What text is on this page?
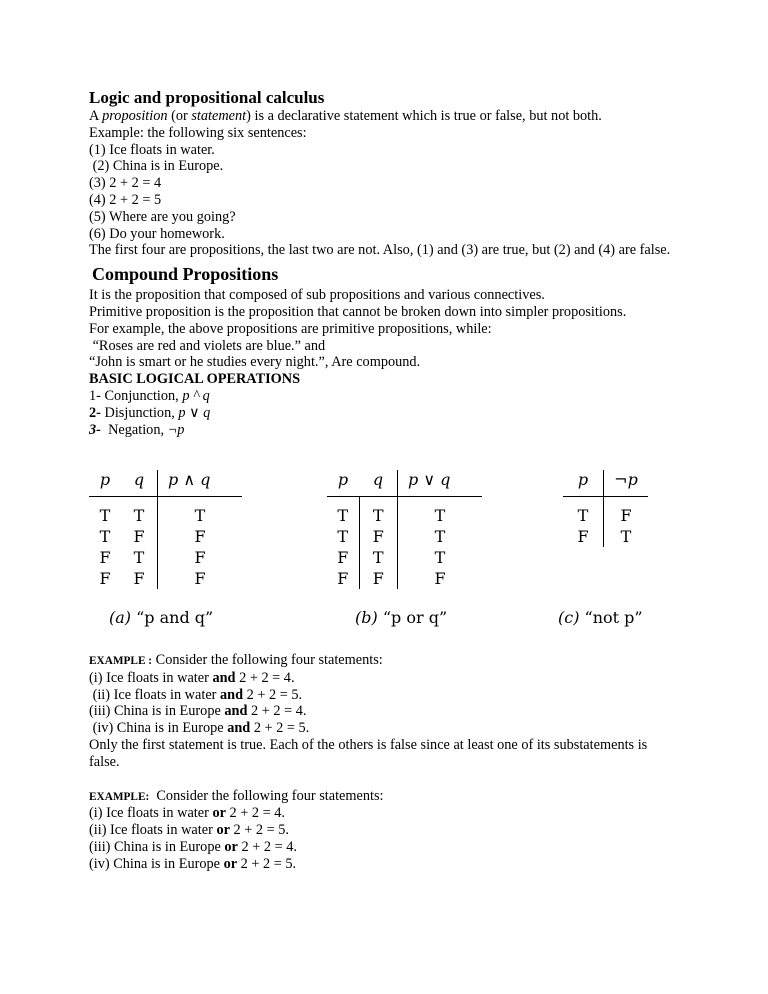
Logic and propositional calculus

A proposition (or statement) is a declarative statement which is true or false, but not both.

Example: the following six sentences:

(1) Ice floats in water.

(2) China is in Europe.

(3) 2 + 2 = 4

(4) 2 + 2 = 5

(5) Where are you going?

(6) Do your homework.

The first four are propositions, the last two are not. Also, (1) and (3) are true, but (2) and (4) are false.

Compound Propositions

It is the proposition that composed of sub propositions and various connectives.

Primitive proposition is the proposition that cannot be broken down into simpler propositions.

For example, the above propositions are primitive propositions, while:

“Roses are red and violets are blue.” and

“John is smart or he studies every night.”, Are compound.

BASIC LOGICAL OPERATIONS

1- Conjunction, p ^ q

2- Disjunction, p ∨ q

3-  Negation, ¬p

p	q	p ∧ q
T	T	T
T	F	F
F	T	F
F	F	F
(a) “p and q”
p	q	p ∨ q
T	T	T
T	F	T
F	T	T
F	F	F
(b) “p or q”
p	¬p
T	F
F	T
(c) “not p”

EXAMPLE : Consider the following four statements:

(i) Ice floats in water and 2 + 2 = 4.

(ii) Ice floats in water and 2 + 2 = 5.

(iii) China is in Europe and 2 + 2 = 4.

(iv) China is in Europe and 2 + 2 = 5.

Only the first statement is true. Each of the others is false since at least one of its substatements is false.

EXAMPLE:  Consider the following four statements:

(i) Ice floats in water or 2 + 2 = 4.

(ii) Ice floats in water or 2 + 2 = 5.

(iii) China is in Europe or 2 + 2 = 4.

(iv) China is in Europe or 2 + 2 = 5.
